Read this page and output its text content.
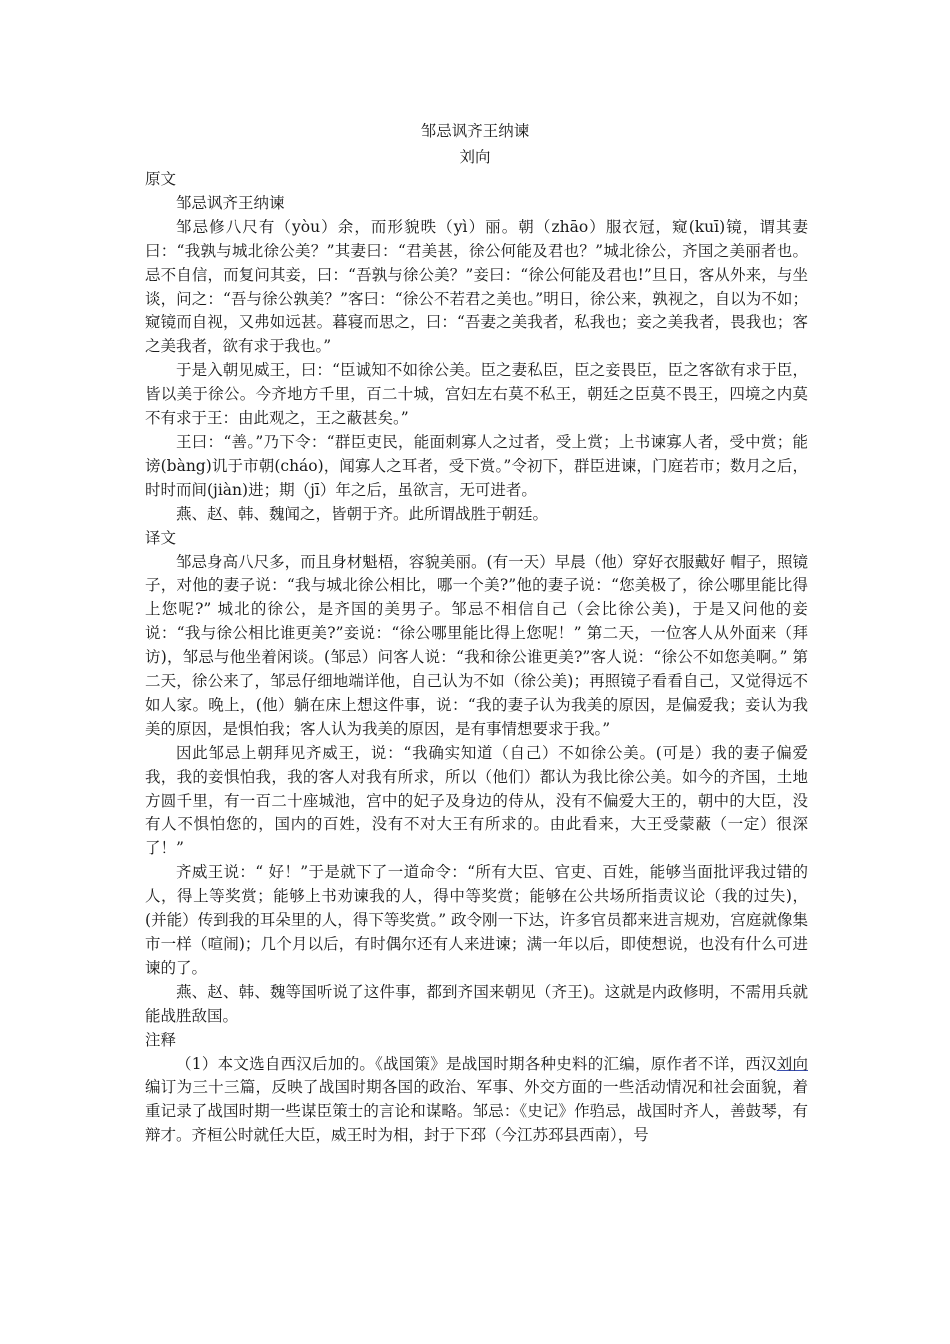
邹忌讽齐王纳谏
刘向

原文

邹忌讽齐王纳谏

邹忌修八尺有（yòu）余，而形貌昳（yì）丽。朝（zhāo）服衣冠，窥(kuī)镜，谓其妻曰：“我孰与城北徐公美？”其妻曰：“君美甚，徐公何能及君也？”城北徐公，齐国之美丽者也。忌不自信，而复问其妾，曰：“吾孰与徐公美？”妾曰：“徐公何能及君也!”旦日，客从外来，与坐谈，问之：“吾与徐公孰美？”客曰：“徐公不若君之美也。”明日，徐公来，孰视之，自以为不如；窥镜而自视，又弗如远甚。暮寝而思之，曰：“吾妻之美我者，私我也；妾之美我者，畏我也；客之美我者，欲有求于我也。”

于是入朝见威王，曰：“臣诚知不如徐公美。臣之妻私臣，臣之妾畏臣，臣之客欲有求于臣，皆以美于徐公。今齐地方千里，百二十城，宫妇左右莫不私王，朝廷之臣莫不畏王，四境之内莫不有求于王：由此观之，王之蔽甚矣。”

王曰：“善。”乃下令：“群臣吏民，能面刺寡人之过者，受上赏；上书谏寡人者，受中赏；能谤(bàng)讥于市朝(cháo)，闻寡人之耳者，受下赏。”令初下，群臣进谏，门庭若市；数月之后，时时而间(jiàn)进；期（jī）年之后，虽欲言，无可进者。

燕、赵、韩、魏闻之，皆朝于齐。此所谓战胜于朝廷。

译文

邹忌身高八尺多，而且身材魁梧，容貌美丽。(有一天）早晨（他）穿好衣服戴好 帽子，照镜子，对他的妻子说：“我与城北徐公相比，哪一个美?”他的妻子说：“您美极了，徐公哪里能比得上您呢?” 城北的徐公，是齐国的美男子。邹忌不相信自己（会比徐公美)，于是又问他的妾说：“我与徐公相比谁更美?”妾说：“徐公哪里能比得上您呢！” 第二天，一位客人从外面来（拜访)，邹忌与他坐着闲谈。(邹忌）问客人说：“我和徐公谁更美?”客人说：“徐公不如您美啊。” 第二天，徐公来了，邹忌仔细地端详他，自己认为不如（徐公美)；再照镜子看看自己，又觉得远不如人家。晚上，(他）躺在床上想这件事，说：“我的妻子认为我美的原因，是偏爱我；妾认为我美的原因，是惧怕我；客人认为我美的原因，是有事情想要求于我。”

因此邹忌上朝拜见齐威王，说：“我确实知道（自己）不如徐公美。(可是）我的妻子偏爱我，我的妾惧怕我，我的客人对我有所求，所以（他们）都认为我比徐公美。如今的齐国，土地方圆千里，有一百二十座城池，宫中的妃子及身边的侍从，没有不偏爱大王的，朝中的大臣，没有人不惧怕您的，国内的百姓，没有不对大王有所求的。由此看来，大王受蒙蔽（一定）很深了！”

齐威王说：“ 好！”于是就下了一道命令：“所有大臣、官吏、百姓，能够当面批评我过错的人，得上等奖赏；能够上书劝谏我的人，得中等奖赏；能够在公共场所指责议论（我的过失)，(并能）传到我的耳朵里的人，得下等奖赏。” 政令刚一下达，许多官员都来进言规劝，宫庭就像集市一样（喧闹)；几个月以后，有时偶尔还有人来进谏；满一年以后，即使想说，也没有什么可进谏的了。

燕、赵、韩、魏等国听说了这件事，都到齐国来朝见（齐王)。这就是内政修明，不需用兵就能战胜敌国。

注释

（1）本文选自西汉后加的。《战国策》是战国时期各种史料的汇编，原作者不详，西汉刘向编订为三十三篇，反映了战国时期各国的政治、军事、外交方面的一些活动情况和社会面貌，着重记录了战国时期一些谋臣策士的言论和谋略。邹忌：《史记》作驺忌，战国时齐人，善鼓琴，有辩才。齐桓公时就任大臣，威王时为相，封于下邳（今江苏邳县西南），号
